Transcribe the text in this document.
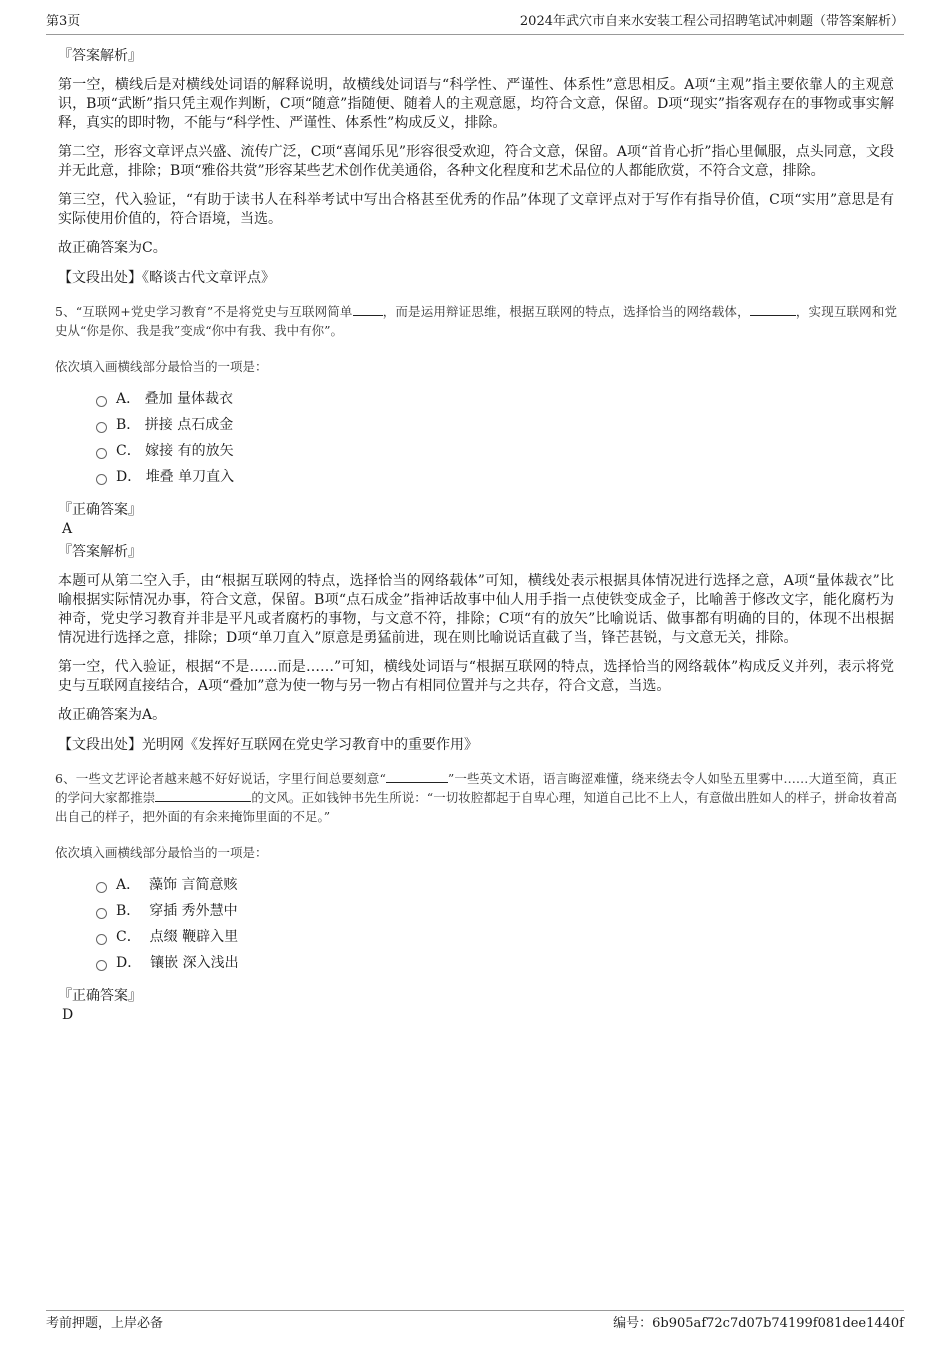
第3页	2024年武穴市自来水安装工程公司招聘笔试冲刺题（带答案解析）
『答案解析』

第一空，横线后是对横线处词语的解释说明，故横线处词语与“科学性、严谨性、体系性”意思相反。A项“主观”指主要依靠人的主观意识，B项“武断”指只凭主观作判断，C项“随意”指随便、随着人的主观意愿，均符合文意，保留。D项“现实”指客观存在的事物或事实解释，真实的即时物，不能与“科学性、严谨性、体系性”构成反义，排除。

第二空，形容文章评点兴盛、流传广泛，C项“喜闻乐见”形容很受欢迎，符合文意，保留。A项“首肯心折”指心里佩服，点头同意，文段并无此意，排除；B项“雅俗共赏”形容某些艺术创作优美通俗，各种文化程度和艺术品位的人都能欣赏，不符合文意，排除。

第三空，代入验证，“有助于读书人在科举考试中写出合格甚至优秀的作品”体现了文章评点对于写作有指导价值，C项“实用”意思是有实际使用价值的，符合语境，当选。

故正确答案为C。

【文段出处】《略谈古代文章评点》
5、“互联网+党史学习教育”不是将党史与互联网简单 ，而是运用辩证思维，根据互联网的特点，选择恰当的网络载体，	，实现互联网和党史从“你是你、我是我”变成“你中有我、我中有你”。
依次填入画横线部分最恰当的一项是：
A．
叠加 量体裁衣
B．
拼接 点石成金
C．
嫁接 有的放矢
D．
堆叠 单刀直入
『正确答案』
A
『答案解析』

本题可从第二空入手，由“根据互联网的特点，选择恰当的网络载体”可知，横线处表示根据具体情况进行选择之意，A项“量体裁衣”比喻根据实际情况办事，符合文意，保留。B项“点石成金”指神话故事中仙人用手指一点使铁变成金子，比喻善于修改文字，能化腐朽为神奇，党史学习教育并非是平凡或者腐朽的事物，与文意不符，排除；C项“有的放矢”比喻说话、做事都有明确的目的，体现不出根据情况进行选择之意，排除；D项“单刀直入”原意是勇猛前进，现在则比喻说话直截了当，锋芒甚锐，与文意无关，排除。

第一空，代入验证，根据“不是……而是……”可知，横线处词语与“根据互联网的特点，选择恰当的网络载体”构成反义并列，表示将党史与互联网直接结合，A项“叠加”意为使一物与另一物占有相同位置并与之共存，符合文意，当选。

故正确答案为A。

【文段出处】光明网《发挥好互联网在党史学习教育中的重要作用》
6、一些文艺评论者越来越不好好说话，字里行间总要刻意“	”一些英文术语，语言晦涩难懂，绕来绕去令人如坠五里雾中……大道至简，真正的学问大家都推崇	的文风。正如钱钟书先生所说：“一切妆腔都起于自卑心理，知道自己比不上人，有意做出胜如人的样子，拼命妆着高出自己的样子，把外面的有余来掩饰里面的不足。”
依次填入画横线部分最恰当的一项是：
A．
藻饰 言简意赅
B．
穿插 秀外慧中
C．
点缀 鞭辟入里
D．
镶嵌 深入浅出
『正确答案』
D
考前押题，上岸必备	编号：6b905af72c7d07b74199f081dee1440f
